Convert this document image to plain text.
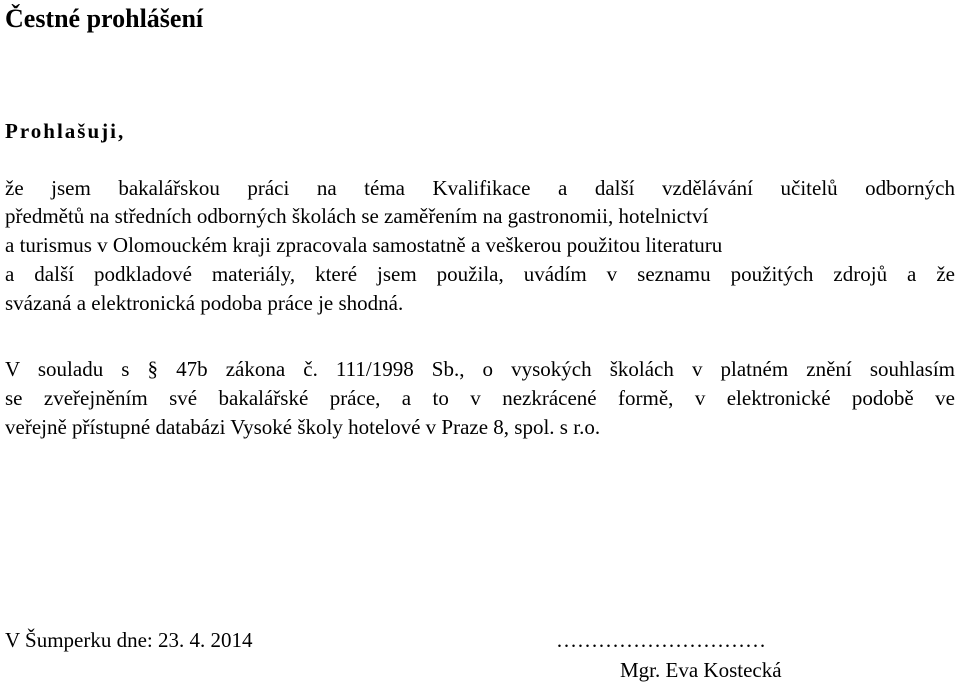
Čestné prohlášení
Prohlašuji,
že jsem bakalářskou práci na téma Kvalifikace a další vzdělávání učitelů odborných
předmětů na středních odborných školách se zaměřením na gastronomii, hotelnictví
a turismus v Olomouckém kraji zpracovala samostatně a veškerou použitou literaturu
a další podkladové materiály, které jsem použila, uvádím v seznamu použitých zdrojů a že
svázaná a elektronická podoba práce je shodná.
V souladu s § 47b zákona č. 111/1998 Sb., o vysokých školách v platném znění souhlasím
se zveřejněním své bakalářské práce, a to v nezkrácené formě, v elektronické podobě ve
veřejně přístupné databázi Vysoké školy hotelové v Praze 8, spol. s r.o.
V Šumperku dne: 23. 4. 2014	…………………………
Mgr. Eva Kostecká
